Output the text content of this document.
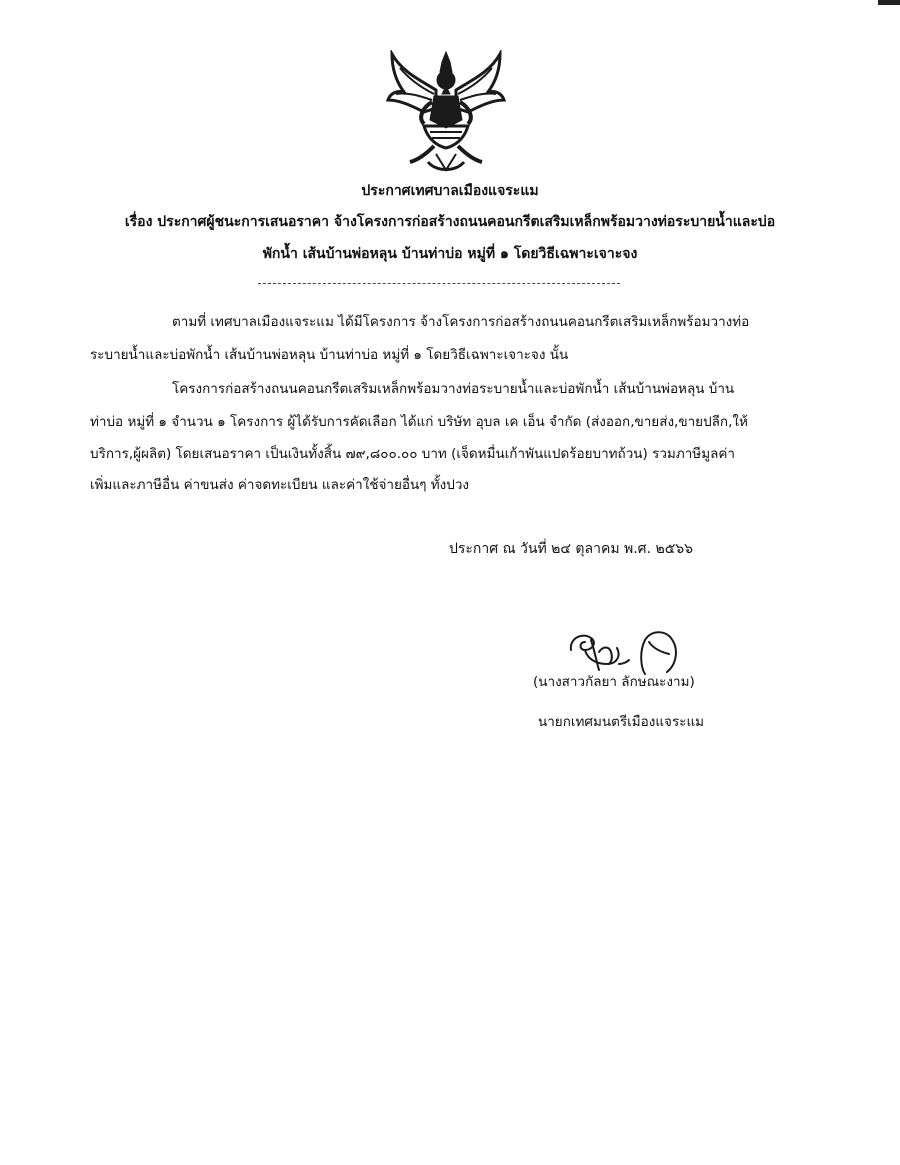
ประกาศเทศบาลเมืองแจระแม
เรื่อง ประกาศผู้ชนะการเสนอราคา จ้างโครงการก่อสร้างถนนคอนกรีตเสริมเหล็กพร้อมวางท่อระบายน้ำและบ่อ
พักน้ำ เส้นบ้านพ่อหลุน บ้านท่าบ่อ หมู่ที่ ๑ โดยวิธีเฉพาะเจาะจง
ตามที่ เทศบาลเมืองแจระแม ได้มีโครงการ จ้างโครงการก่อสร้างถนนคอนกรีตเสริมเหล็กพร้อมวางท่อ
ระบายน้ำและบ่อพักน้ำ เส้นบ้านพ่อหลุน บ้านท่าบ่อ หมู่ที่ ๑ โดยวิธีเฉพาะเจาะจง นั้น
โครงการก่อสร้างถนนคอนกรีตเสริมเหล็กพร้อมวางท่อระบายน้ำและบ่อพักน้ำ เส้นบ้านพ่อหลุน บ้าน
ท่าบ่อ หมู่ที่ ๑ จำนวน ๑ โครงการ ผู้ได้รับการคัดเลือก ได้แก่ บริษัท อุบล เค เอ็น จำกัด (ส่งออก,ขายส่ง,ขายปลีก,ให้
บริการ,ผู้ผลิต) โดยเสนอราคา เป็นเงินทั้งสิ้น ๗๙,๘๐๐.๐๐ บาท (เจ็ดหมื่นเก้าพันแปดร้อยบาทถ้วน) รวมภาษีมูลค่า
เพิ่มและภาษีอื่น ค่าขนส่ง ค่าจดทะเบียน และค่าใช้จ่ายอื่นๆ ทั้งปวง
ประกาศ ณ วันที่ ๒๔ ตุลาคม พ.ศ. ๒๕๖๖
(นางสาวกัลยา ลักษณะงาม)
นายกเทศมนตรีเมืองแจระแม
